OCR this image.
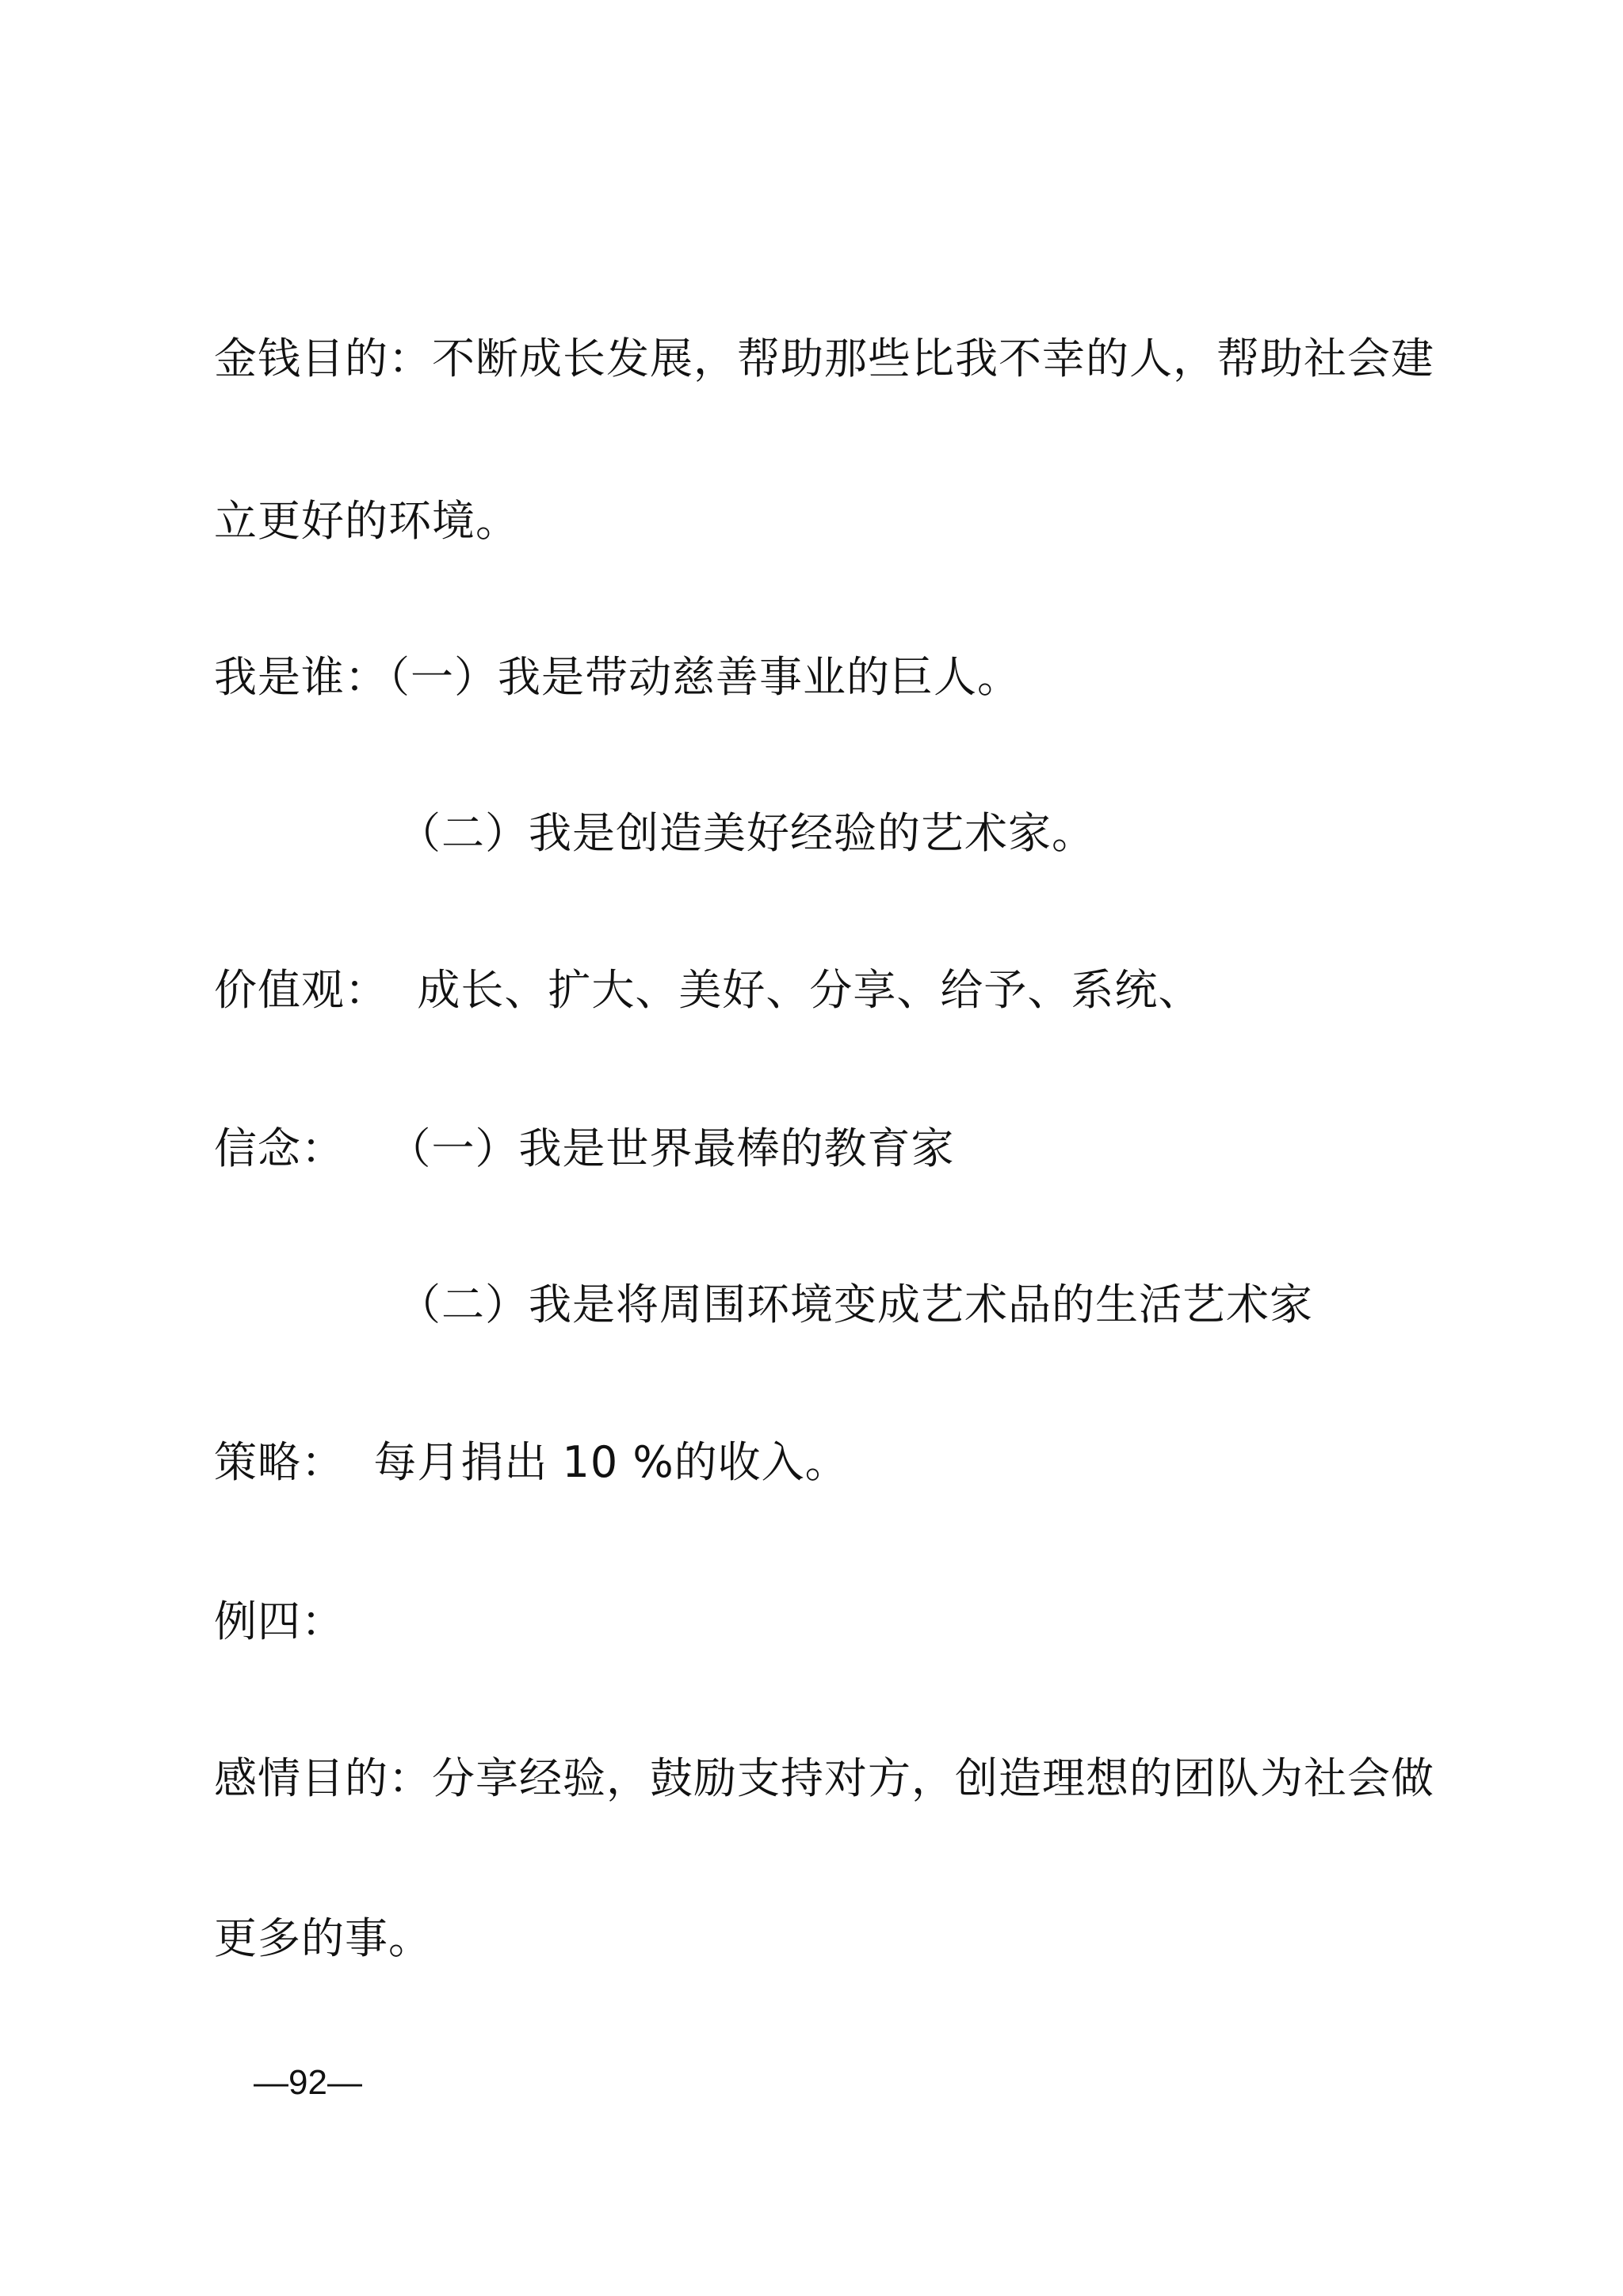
金钱目的：不断成长发展，帮助那些比我不幸的人，帮助社会建
立更好的环境。
我是谁：（一）我是带动慈善事业的巨人。
（二）我是创造美好经验的艺术家。
价值观：  成长、扩大、美好、分享、给予、系统、
信念：   （一）我是世界最棒的教育家
（二）我是将周围环境变成艺术品的生活艺术家
策略：  每月捐出 10 %的收入。
例四：
感情目的：分享经验，鼓励支持对方，创造理想的团队为社会做
更多的事。
—92—
